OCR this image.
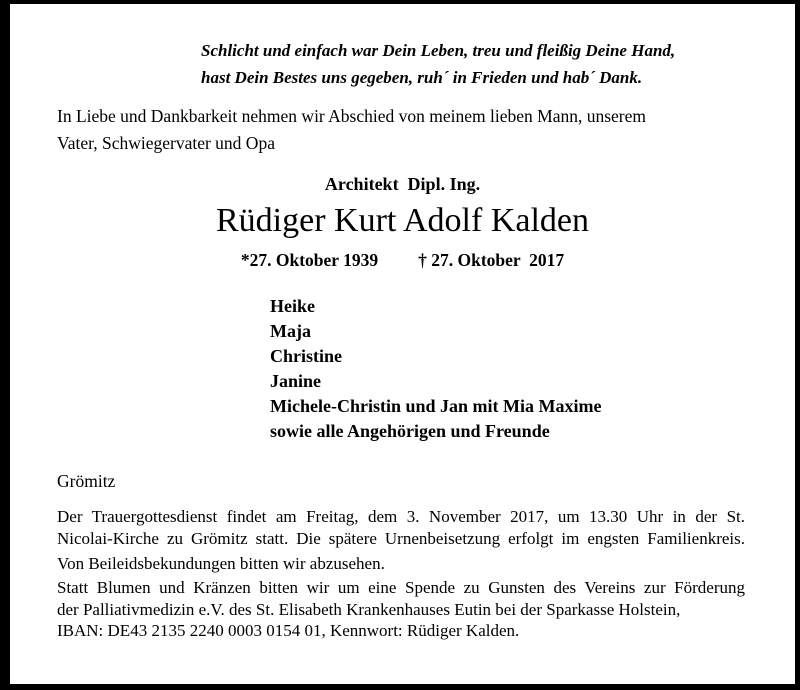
Schlicht und einfach war Dein Leben, treu und fleißig Deine Hand,
hast Dein Bestes uns gegeben, ruh´ in Frieden und hab´ Dank.
In Liebe und Dankbarkeit nehmen wir Abschied von meinem lieben Mann, unserem
Vater, Schwiegervater und Opa
Architekt  Dipl. Ing.
Rüdiger Kurt Adolf Kalden
*27. Oktober 1939 † 27. Oktober  2017
Heike
Maja
Christine
Janine
Michele-Christin und Jan mit Mia Maxime
sowie alle Angehörigen und Freunde
Grömitz
Der Trauergottesdienst findet am Freitag, dem 3. November 2017, um 13.30 Uhr in der St.
Nicolai-Kirche zu Grömitz statt. Die spätere Urnenbeisetzung erfolgt im engsten Familienkreis.
Von Beileidsbekundungen bitten wir abzusehen.
Statt Blumen und Kränzen bitten wir um eine Spende zu Gunsten des Vereins zur Förderung
der Palliativmedizin e.V. des St. Elisabeth Krankenhauses Eutin bei der Sparkasse Holstein,
IBAN: DE43 2135 2240 0003 0154 01, Kennwort: Rüdiger Kalden.
